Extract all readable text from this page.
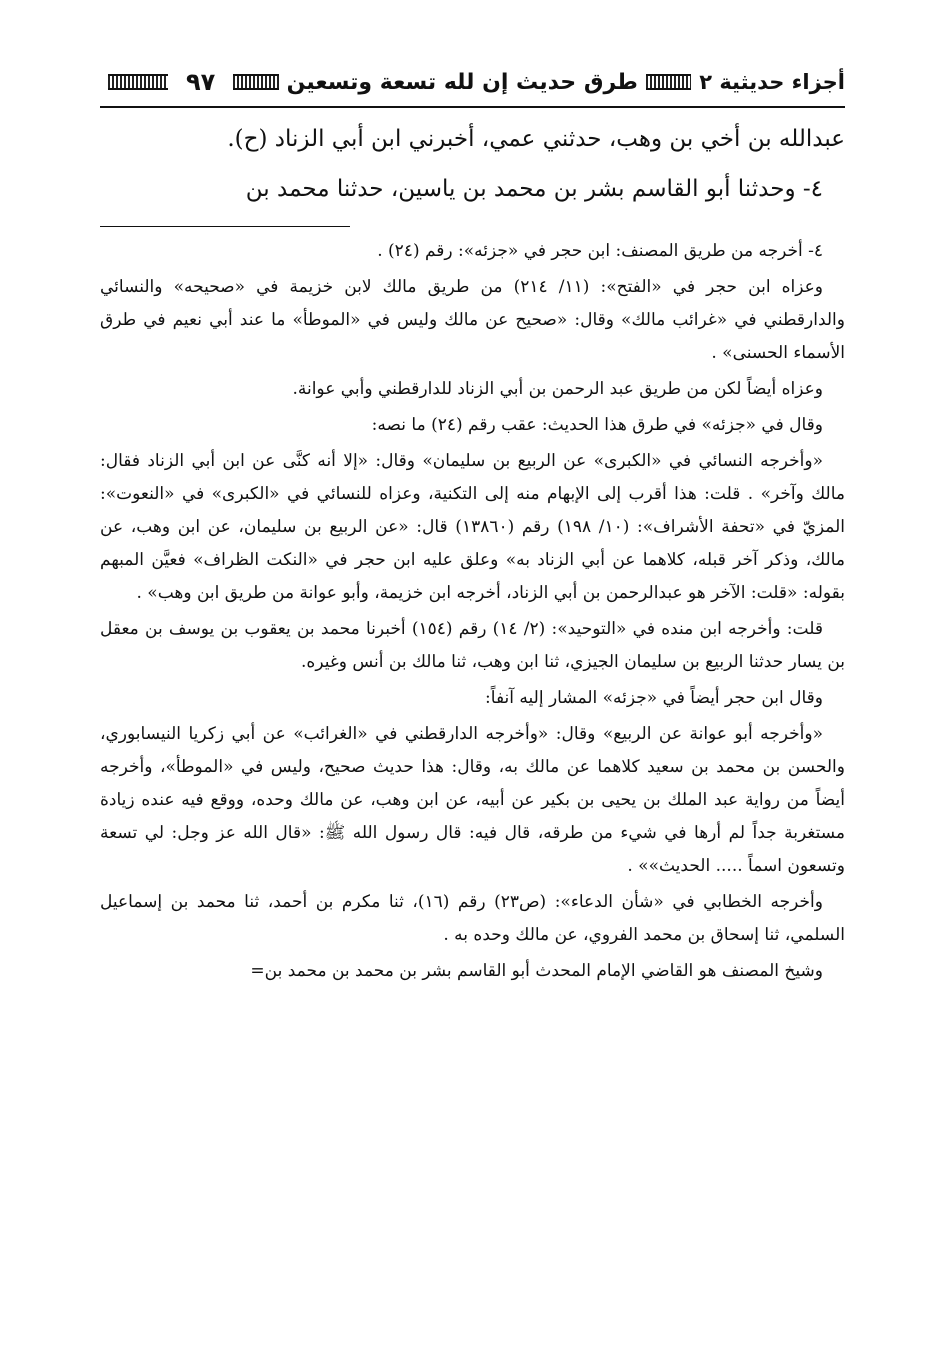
أجزاء حديثية ٢
طرق حديث إن لله تسعة وتسعين
٩٧

عبدالله بن أخي بن وهب، حدثني عمي، أخبرني ابن أبي الزناد (ح).

٤- وحدثنا أبو القاسم بشر بن محمد بن ياسين، حدثنا محمد بن

٤- أخرجه من طريق المصنف: ابن حجر في «جزئه»: رقم (٢٤) .

وعزاه ابن حجر في «الفتح»: (١١/ ٢١٤) من طريق مالك لابن خزيمة في «صحيحه» والنسائي والدارقطني في «غرائب مالك» وقال: «صحيح عن مالك وليس في «الموطأ» ما عند أبي نعيم في طرق الأسماء الحسنى» .

وعزاه أيضاً لكن من طريق عبد الرحمن بن أبي الزناد للدارقطني وأبي عوانة.

وقال في «جزئه» في طرق هذا الحديث: عقب رقم (٢٤) ما نصه:

«وأخرجه النسائي في «الكبرى» عن الربيع بن سليمان» وقال: «إلا أنه كنَّى عن ابن أبي الزناد فقال: مالك وآخر» . قلت: هذا أقرب إلى الإبهام منه إلى التكنية، وعزاه للنسائي في «الكبرى» في «النعوت»: المزيّ في «تحفة الأشراف»: (١٠/ ١٩٨) رقم (١٣٨٦٠) قال: «عن الربيع بن سليمان، عن ابن وهب، عن مالك، وذكر آخر قبله، كلاهما عن أبي الزناد به» وعلق عليه ابن حجر في «النكت الظراف» فعيَّن المبهم بقوله: «قلت: الآخر هو عبدالرحمن بن أبي الزناد، أخرجه ابن خزيمة، وأبو عوانة من طريق ابن وهب» .

قلت: وأخرجه ابن منده في «التوحيد»: (٢/ ١٤) رقم (١٥٤) أخبرنا محمد بن يعقوب بن يوسف بن معقل بن يسار حدثنا الربيع بن سليمان الجيزي، ثنا ابن وهب، ثنا مالك بن أنس وغيره.

وقال ابن حجر أيضاً في «جزئه» المشار إليه آنفاً:

«وأخرجه أبو عوانة عن الربيع» وقال: «وأخرجه الدارقطني في «الغرائب» عن أبي زكريا النيسابوري، والحسن بن محمد بن سعيد كلاهما عن مالك به، وقال: هذا حديث صحيح، وليس في «الموطأ»، وأخرجه أيضاً من رواية عبد الملك بن يحيى بن بكير عن أبيه، عن ابن وهب، عن مالك وحده، ووقع فيه عنده زيادة مستغربة جداً لم أرها في شيء من طرقه، قال فيه: قال رسول الله ﷺ: «قال الله عز وجل: لي تسعة وتسعون اسماً ..... الحديث»» .

وأخرجه الخطابي في «شأن الدعاء»: (ص٢٣) رقم (١٦)، ثنا مكرم بن أحمد، ثنا محمد بن إسماعيل السلمي، ثنا إسحاق بن محمد الفروي، عن مالك وحده به .

وشيخ المصنف هو القاضي الإمام المحدث أبو القاسم بشر بن محمد بن محمد بن=
